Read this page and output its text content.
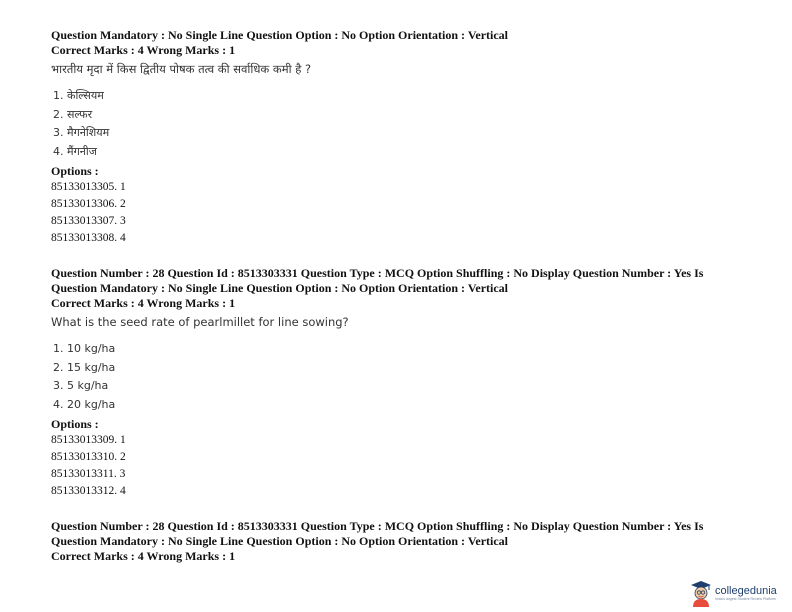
Question Mandatory : No Single Line Question Option : No Option Orientation : Vertical
Correct Marks : 4 Wrong Marks : 1
भारतीय मृदा में किस द्वितीय पोषक तत्व की सर्वाधिक कमी है ?
1. केल्सियम
2. सल्फर
3. मैगनेशियम
4. मैंगनीज
Options :
85133013305. 1
85133013306. 2
85133013307. 3
85133013308. 4
Question Number : 28 Question Id : 8513303331 Question Type : MCQ Option Shuffling : No Display Question Number : Yes Is
Question Mandatory : No Single Line Question Option : No Option Orientation : Vertical
Correct Marks : 4 Wrong Marks : 1
What is the seed rate of pearlmillet for line sowing?
1. 10 kg/ha
2. 15 kg/ha
3. 5 kg/ha
4. 20 kg/ha
Options :
85133013309. 1
85133013310. 2
85133013311. 3
85133013312. 4
Question Number : 28 Question Id : 8513303331 Question Type : MCQ Option Shuffling : No Display Question Number : Yes Is
Question Mandatory : No Single Line Question Option : No Option Orientation : Vertical
Correct Marks : 4 Wrong Marks : 1
collegedunia
India's largest Student Review Platform
